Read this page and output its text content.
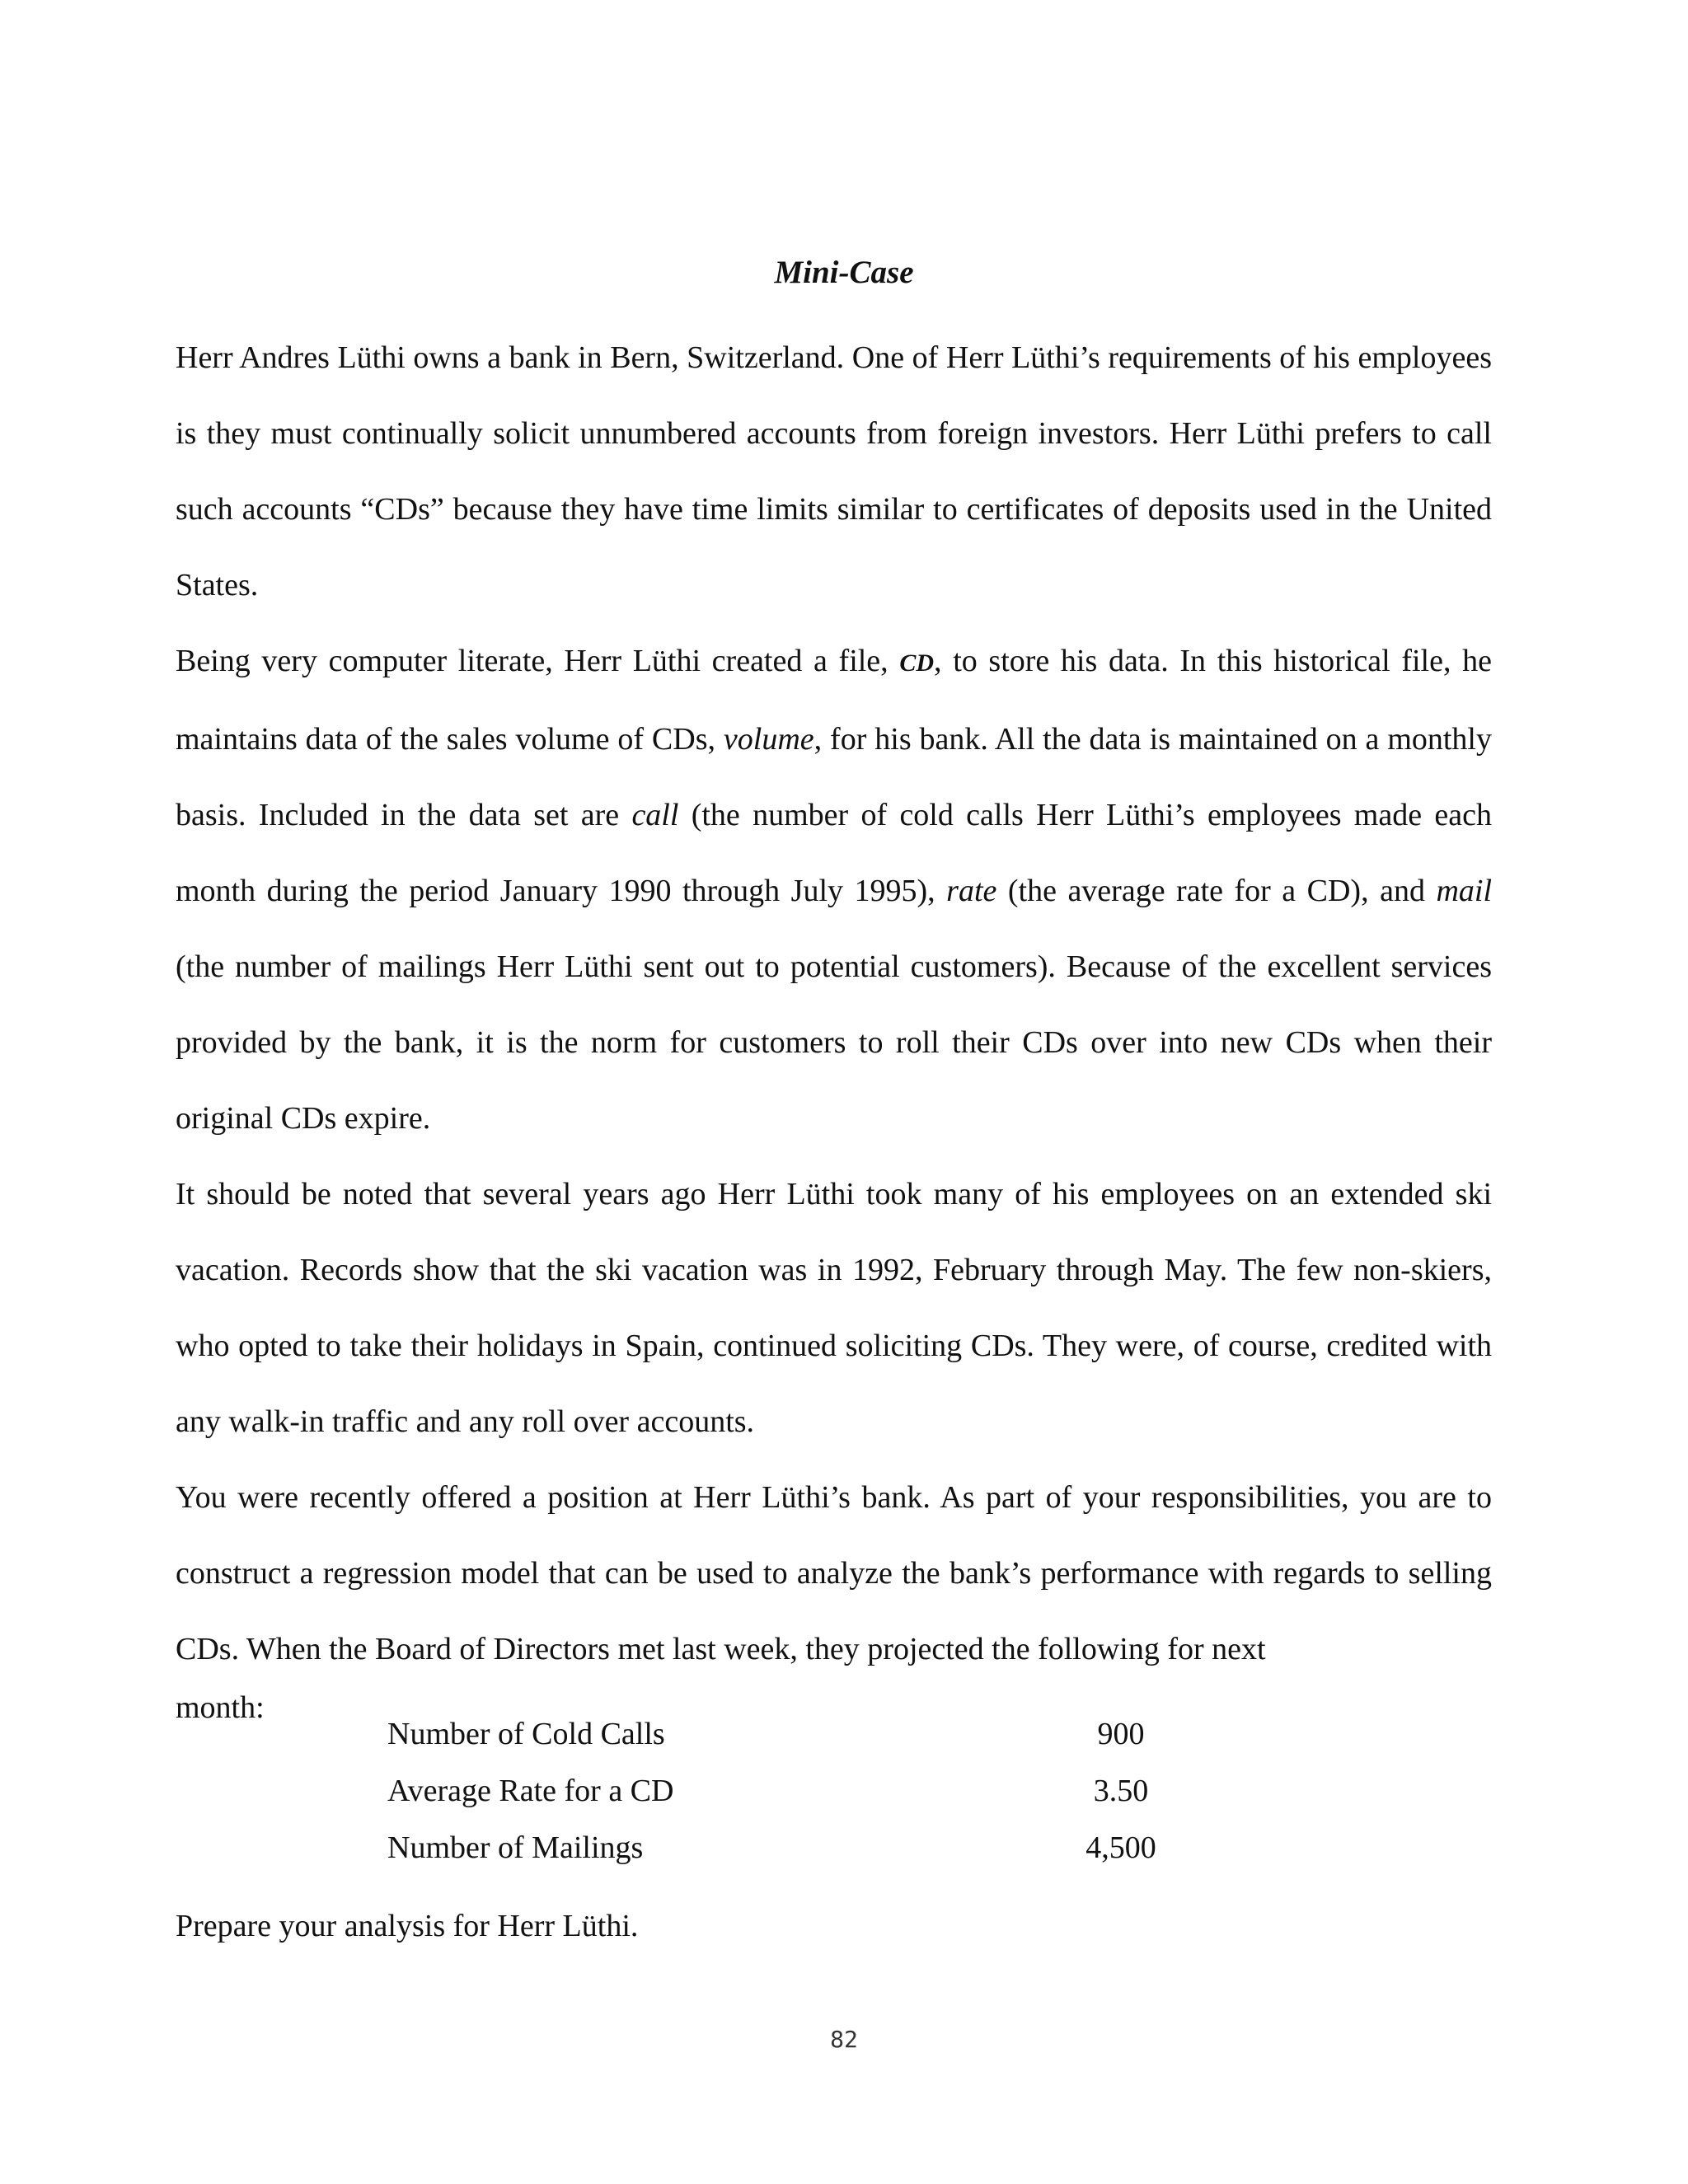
Mini-Case

Herr Andres Lüthi owns a bank in Bern, Switzerland. One of Herr Lüthi’s requirements of his employees is they must continually solicit unnumbered accounts from foreign investors. Herr Lüthi prefers to call such accounts “CDs” because they have time limits similar to certificates of deposits used in the United States.

Being very computer literate, Herr Lüthi created a file, CD, to store his data. In this historical file, he maintains data of the sales volume of CDs, volume, for his bank. All the data is maintained on a monthly basis. Included in the data set are call (the number of cold calls Herr Lüthi’s employees made each month during the period January 1990 through July 1995), rate (the average rate for a CD), and mail (the number of mailings Herr Lüthi sent out to potential customers). Because of the excellent services provided by the bank, it is the norm for customers to roll their CDs over into new CDs when their original CDs expire.

It should be noted that several years ago Herr Lüthi took many of his employees on an extended ski vacation. Records show that the ski vacation was in 1992, February through May. The few non-skiers, who opted to take their holidays in Spain, continued soliciting CDs. They were, of course, credited with any walk-in traffic and any roll over accounts.

You were recently offered a position at Herr Lüthi’s bank. As part of your responsibilities, you are to construct a regression model that can be used to analyze the bank’s performance with regards to selling CDs. When the Board of Directors met last week, they projected the following for next

month:
Number of Cold Calls	900
Average Rate for a CD	3.50
Number of Mailings	4,500
Prepare your analysis for Herr Lüthi.
82
